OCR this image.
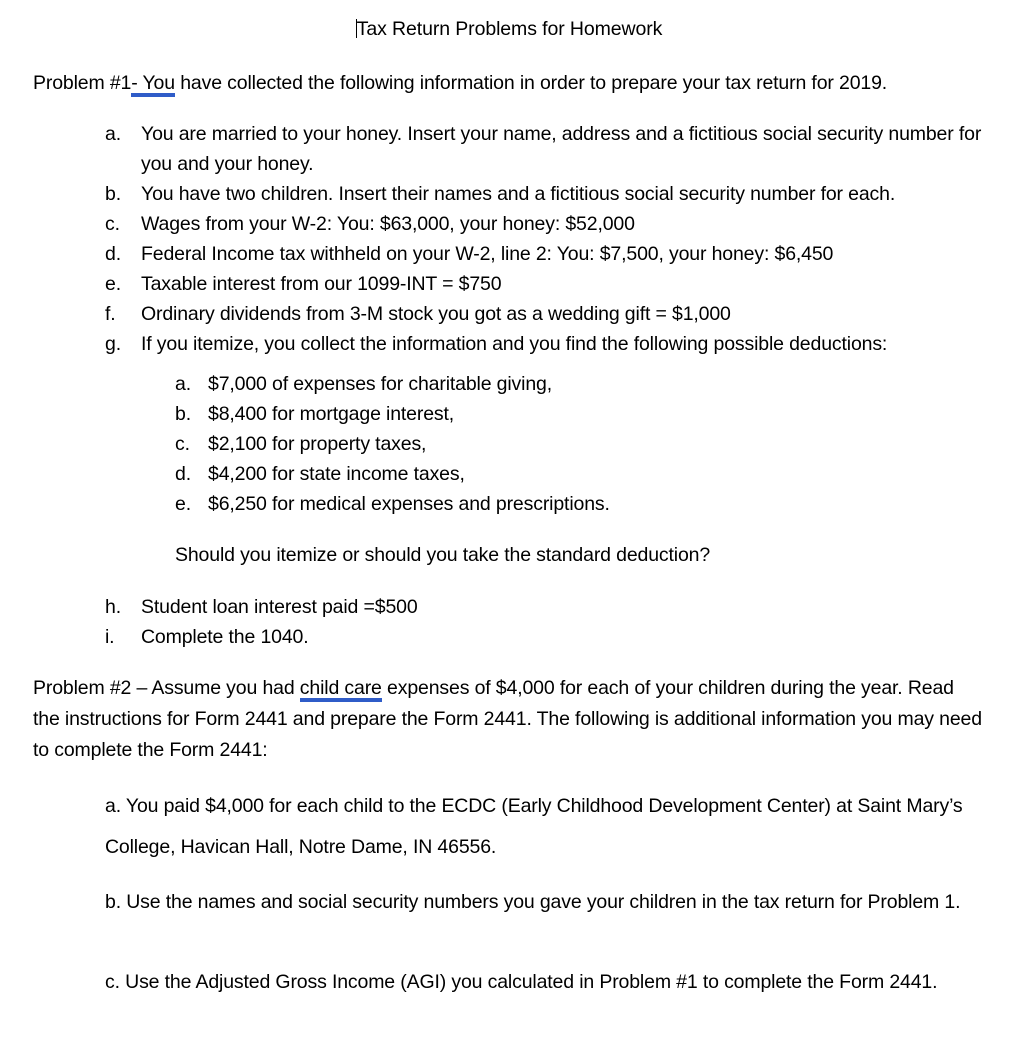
Tax Return Problems for Homework
Problem #1- You have collected the following information in order to prepare your tax return for 2019.
a.	You are married to your honey. Insert your name, address and a fictitious social security number for you and your honey.
b.	You have two children. Insert their names and a fictitious social security number for each.
c.	Wages from your W-2: You: $63,000, your honey: $52,000
d.	Federal Income tax withheld on your W-2, line 2: You: $7,500, your honey: $6,450
e.	Taxable interest from our 1099-INT = $750
f.	Ordinary dividends from 3-M stock you got as a wedding gift = $1,000
g.	If you itemize, you collect the information and you find the following possible deductions:
a. $7,000 of expenses for charitable giving,
b. $8,400 for mortgage interest,
c. $2,100 for property taxes,
d. $4,200 for state income taxes,
e. $6,250 for medical expenses and prescriptions.
Should you itemize or should you take the standard deduction?
h.	Student loan interest paid =$500
i.	Complete the 1040.
Problem #2 – Assume you had child care expenses of $4,000 for each of your children during the year. Read the instructions for Form 2441 and prepare the Form 2441. The following is additional information you may need to complete the Form 2441:
a. You paid $4,000 for each child to the ECDC (Early Childhood Development Center) at Saint Mary’s College, Havican Hall, Notre Dame, IN 46556.
b. Use the names and social security numbers you gave your children in the tax return for Problem 1.
c. Use the Adjusted Gross Income (AGI) you calculated in Problem #1 to complete the Form 2441.
